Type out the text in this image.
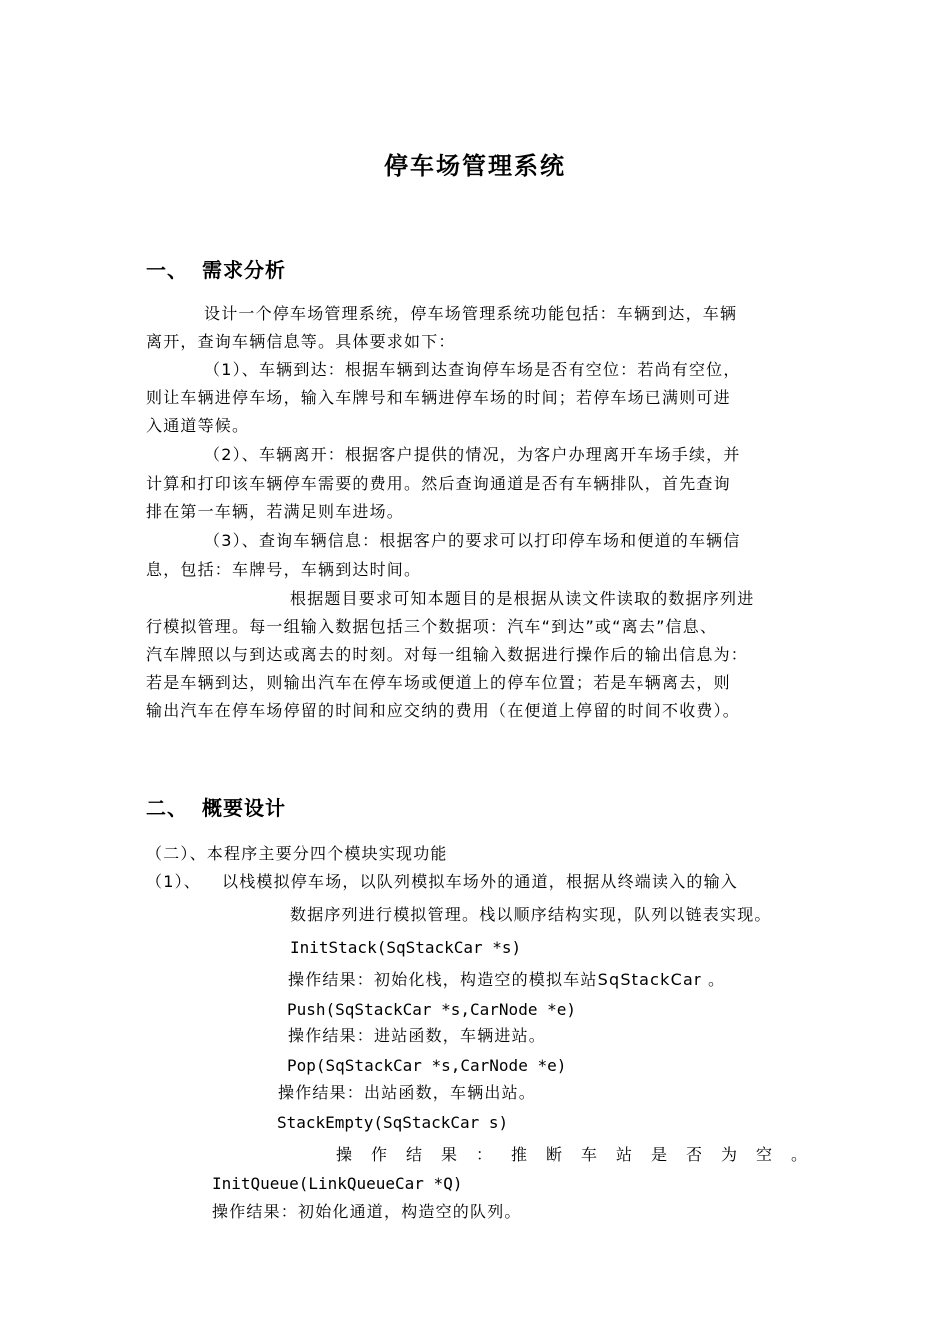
停车场管理系统
一、 需求分析
设计一个停车场管理系统，停车场管理系统功能包括：车辆到达，车辆
离开，查询车辆信息等。具体要求如下：
（1）、车辆到达：根据车辆到达查询停车场是否有空位：若尚有空位，
则让车辆进停车场，输入车牌号和车辆进停车场的时间；若停车场已满则可进
入通道等候。
（2）、车辆离开：根据客户提供的情况，为客户办理离开车场手续，并
计算和打印该车辆停车需要的费用。然后查询通道是否有车辆排队，首先查询
排在第一车辆，若满足则车进场。
（3）、查询车辆信息：根据客户的要求可以打印停车场和便道的车辆信
息，包括：车牌号，车辆到达时间。
根据题目要求可知本题目的是根据从读文件读取的数据序列进
行模拟管理。每一组输入数据包括三个数据项：汽车“到达”或“离去”信息、
汽车牌照以与到达或离去的时刻。对每一组输入数据进行操作后的输出信息为：
若是车辆到达，则输出汽车在停车场或便道上的停车位置；若是车辆离去，则
输出汽车在停车场停留的时间和应交纳的费用（在便道上停留的时间不收费）。
二、 概要设计
（二）、本程序主要分四个模块实现功能
（1）、 以栈模拟停车场，以队列模拟车场外的通道，根据从终端读入的输入
数据序列进行模拟管理。栈以顺序结构实现，队列以链表实现。
InitStack(SqStackCar *s)
操作结果：初始化栈，构造空的模拟车站SqStackCar 。
Push(SqStackCar *s,CarNode *e)
操作结果：进站函数，车辆进站。
Pop(SqStackCar *s,CarNode *e)
操作结果：出站函数，车辆出站。
StackEmpty(SqStackCar s)
操作结果：推断车站是否为空。
InitQueue(LinkQueueCar *Q)
操作结果：初始化通道，构造空的队列。
